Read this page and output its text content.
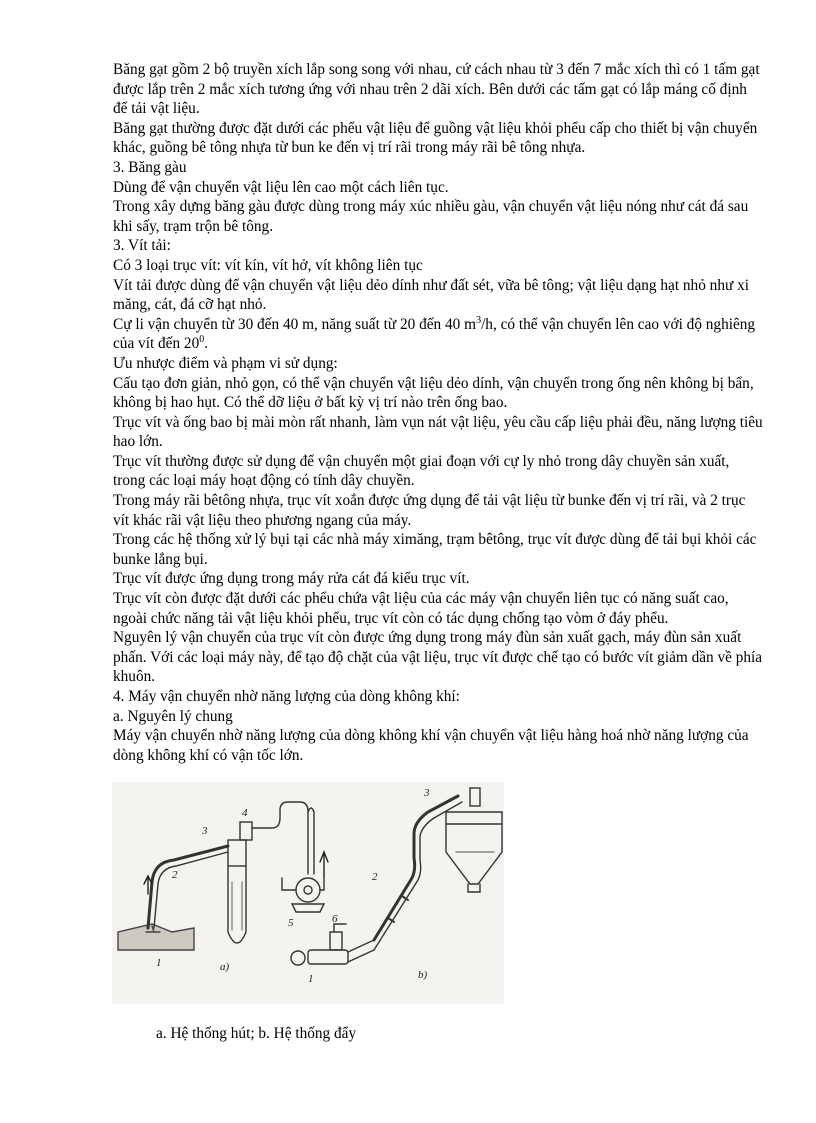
Băng gạt gồm 2 bộ truyền xích lắp song song với nhau, cứ cách nhau từ 3 đến 7 mắc xích thì có 1 tấm gạt được lắp trên 2 mắc xích tương ứng với nhau trên 2 dãi xích. Bên dưới các tấm gạt có lắp máng cố định để tải vật liệu.

Băng gạt thường được đặt dưới các phểu vật liệu để guồng vật liệu khỏi phểu cấp cho thiết bị vận chuyển khác, guồng bê tông nhựa từ bun ke đến vị trí rãi trong máy rãi bê tông nhựa.

3. Băng gàu

Dùng để vận chuyển vật liệu lên cao một cách liên tục.

Trong xây dựng băng gàu được dùng trong máy xúc nhiều gàu, vận chuyển vật liệu nóng như cát đá sau khi sấy, trạm trộn bê tông.

3. Vít tải:

Có 3 loại trục vít: vít kín, vít hở, vít không liên tục

Vít tải được dùng để vận chuyển vật liệu dẻo dính như đất sét, vữa bê tông; vật liệu dạng hạt nhỏ như xi măng, cát, đá cỡ hạt nhỏ.

Cự li vận chuyển từ 30 đến 40 m, năng suất từ 20 đến 40 $m^3/h$, có thể vận chuyển lên cao với độ nghiêng của vít đến $20^0$.

Ưu nhược điểm và phạm vi sử dụng:

Cấu tạo đơn giản, nhỏ gọn, có thể vận chuyển vật liệu dẻo dính, vận chuyển trong ống nên không bị bẩn, không bị hao hụt. Có thể dỡ liệu ở bất kỳ vị trí nào trên ống bao.

Trục vít và ống bao bị mài mòn rất nhanh, làm vụn nát vật liệu, yêu cầu cấp liệu phải đều, năng lượng tiêu hao lớn.

Trục vít thường được sử dụng để vận chuyển một giai đoạn với cự ly nhỏ trong dây chuyền sản xuất, trong các loại máy hoạt động có tính dây chuyền.

Trong máy rãi bêtông nhựa, trục vít xoắn được ứng dụng để tải vật liệu từ bunke đến vị trí rãi, và 2 trục vít khác rãi vật liệu theo phương ngang của máy.

Trong các hệ thống xử lý bụi tại các nhà máy ximăng, trạm bêtông, trục vít được dùng để tải bụi khỏi các bunke lắng bụi.

Trục vít được ứng dụng trong máy rửa cát đá kiểu trục vít.

Trục vít còn được đặt dưới các phểu chứa vật liệu của các máy vận chuyển liên tục có năng suất cao, ngoài chức năng tải vật liệu khỏi phểu, trục vít còn có tác dụng chống tạo vòm ở đáy phểu.

Nguyên lý vận chuyển của trục vít còn được ứng dụng trong máy đùn sản xuất gạch, máy đùn sản xuất phấn. Với các loại máy này, để tạo độ chặt của vật liệu, trục vít được chế tạo có bước vít giảm dần về phía khuôn.

4. Máy vận chuyển nhờ năng lượng của dòng không khí:

a. Nguyên lý chung

Máy vận chuyển nhờ năng lượng của dòng không khí vận chuyển vật liệu hàng hoá nhờ năng lượng của dòng không khí có vận tốc lớn.

1
2
3
4
5
a)
1
2
3
6
b)
a. Hệ thống hút; b. Hệ thống đẩy
